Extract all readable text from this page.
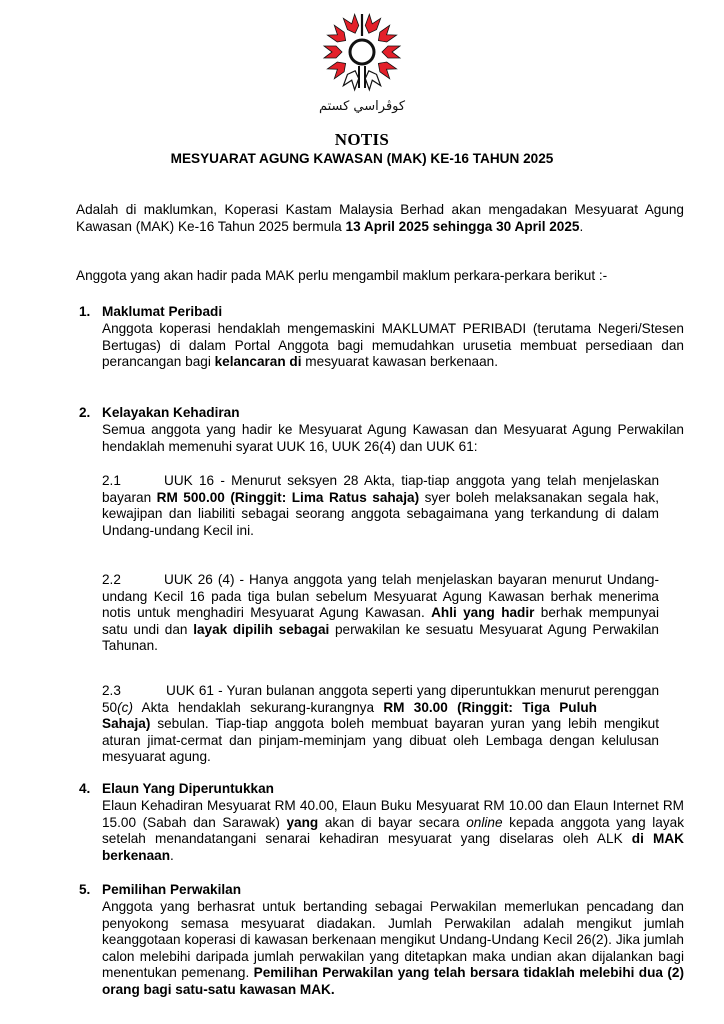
كوڤراسي كستم
NOTIS
MESYUARAT AGUNG KAWASAN (MAK) KE-16 TAHUN 2025
Adalah di maklumkan, Koperasi Kastam Malaysia Berhad akan mengadakan Mesyuarat Agung Kawasan (MAK) Ke-16 Tahun 2025 bermula 13 April 2025 sehingga 30 April 2025.
Anggota yang akan hadir pada MAK perlu mengambil maklum perkara-perkara berikut :-
1. Maklumat Peribadi
Anggota koperasi hendaklah mengemaskini MAKLUMAT PERIBADI (terutama Negeri/Stesen Bertugas) di dalam Portal Anggota bagi memudahkan urusetia membuat persediaan dan perancangan bagi kelancaran di mesyuarat kawasan berkenaan.
2. Kelayakan Kehadiran
Semua anggota yang hadir ke Mesyuarat Agung Kawasan dan Mesyuarat Agung Perwakilan hendaklah memenuhi syarat UUK 16, UUK 26(4) dan UUK 61:
2.1	UUK 16 - Menurut seksyen 28 Akta, tiap-tiap anggota yang telah menjelaskan bayaran RM 500.00 (Ringgit: Lima Ratus sahaja) syer boleh melaksanakan segala hak, kewajipan dan liabiliti sebagai seorang anggota sebagaimana yang terkandung di dalam Undang-undang Kecil ini.
2.2	UUK 26 (4) - Hanya anggota yang telah menjelaskan bayaran menurut Undang-undang Kecil 16 pada tiga bulan sebelum Mesyuarat Agung Kawasan berhak menerima notis untuk menghadiri Mesyuarat Agung Kawasan. Ahli yang hadir berhak mempunyai satu undi dan layak dipilih sebagai perwakilan ke sesuatu Mesyuarat Agung Perwakilan Tahunan.
2.3	UUK 61 - Yuran bulanan anggota seperti yang diperuntukkan menurut perenggan 50(c) Akta hendaklah sekurang-kurangnya RM 30.00 (Ringgit: Tiga PuluhSahaja) sebulan. Tiap-tiap anggota boleh membuat bayaran yuran yang lebih mengikut aturan jimat-cermat dan pinjam-meminjam yang dibuat oleh Lembaga dengan kelulusan mesyuarat agung.
4. Elaun Yang Diperuntukkan
Elaun Kehadiran Mesyuarat RM 40.00, Elaun Buku Mesyuarat RM 10.00 dan Elaun Internet RM 15.00 (Sabah dan Sarawak) yang akan di bayar secara online kepada anggota yang layak setelah menandatangani senarai kehadiran mesyuarat yang diselaras oleh ALK di MAK berkenaan.
5. Pemilihan Perwakilan
Anggota yang berhasrat untuk bertanding sebagai Perwakilan memerlukan pencadang dan penyokong semasa mesyuarat diadakan. Jumlah Perwakilan adalah mengikut jumlah keanggotaan koperasi di kawasan berkenaan mengikut Undang-Undang Kecil 26(2). Jika jumlah calon melebihi daripada jumlah perwakilan yang ditetapkan maka undian akan dijalankan bagi menentukan pemenang. Pemilihan Perwakilan yang telah bersara tidaklah melebihi dua (2) orang bagi satu-satu kawasan MAK.
